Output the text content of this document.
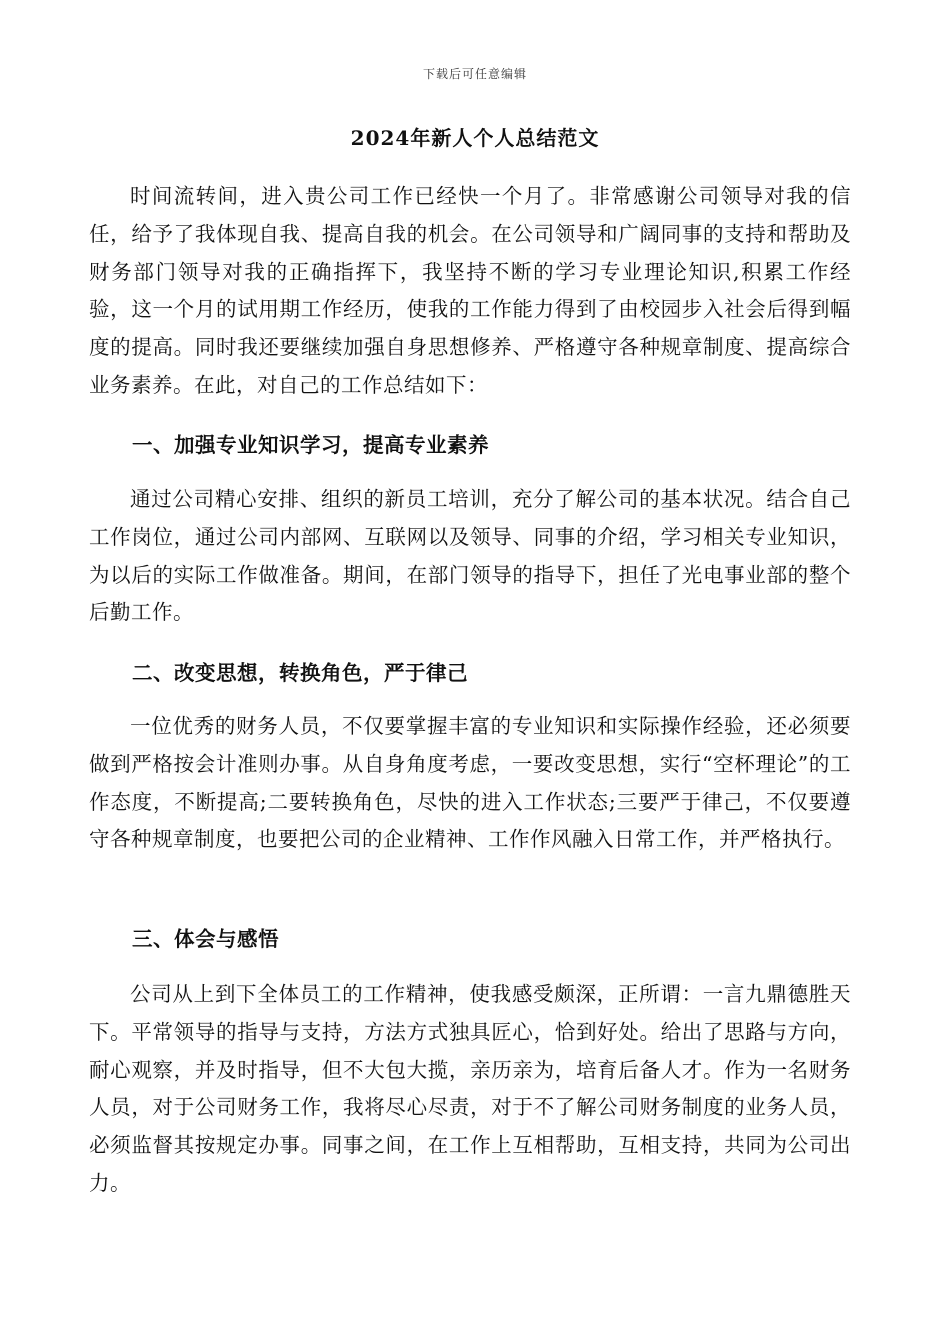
下载后可任意编辑
2024年新人个人总结范文

时间流转间，进入贵公司工作已经快一个月了。非常感谢公司领导对我的信任，给予了我体现自我、提高自我的机会。在公司领导和广阔同事的支持和帮助及财务部门领导对我的正确指挥下，我坚持不断的学习专业理论知识,积累工作经验，这一个月的试用期工作经历，使我的工作能力得到了由校园步入社会后得到幅度的提高。同时我还要继续加强自身思想修养、严格遵守各种规章制度、提高综合业务素养。在此，对自己的工作总结如下：

一、加强专业知识学习，提高专业素养

通过公司精心安排、组织的新员工培训，充分了解公司的基本状况。结合自己工作岗位，通过公司内部网、互联网以及领导、同事的介绍，学习相关专业知识，为以后的实际工作做准备。期间，在部门领导的指导下，担任了光电事业部的整个后勤工作。

二、改变思想，转换角色，严于律己

一位优秀的财务人员，不仅要掌握丰富的专业知识和实际操作经验，还必须要做到严格按会计准则办事。从自身角度考虑，一要改变思想，实行“空杯理论”的工作态度，不断提高;二要转换角色，尽快的进入工作状态;三要严于律己，不仅要遵守各种规章制度，也要把公司的企业精神、工作作风融入日常工作，并严格执行。

三、体会与感悟

公司从上到下全体员工的工作精神，使我感受颇深，正所谓：一言九鼎德胜天下。平常领导的指导与支持，方法方式独具匠心，恰到好处。给出了思路与方向，耐心观察，并及时指导，但不大包大揽，亲历亲为，培育后备人才。作为一名财务人员，对于公司财务工作，我将尽心尽责，对于不了解公司财务制度的业务人员，必须监督其按规定办事。同事之间，在工作上互相帮助，互相支持，共同为公司出力。
